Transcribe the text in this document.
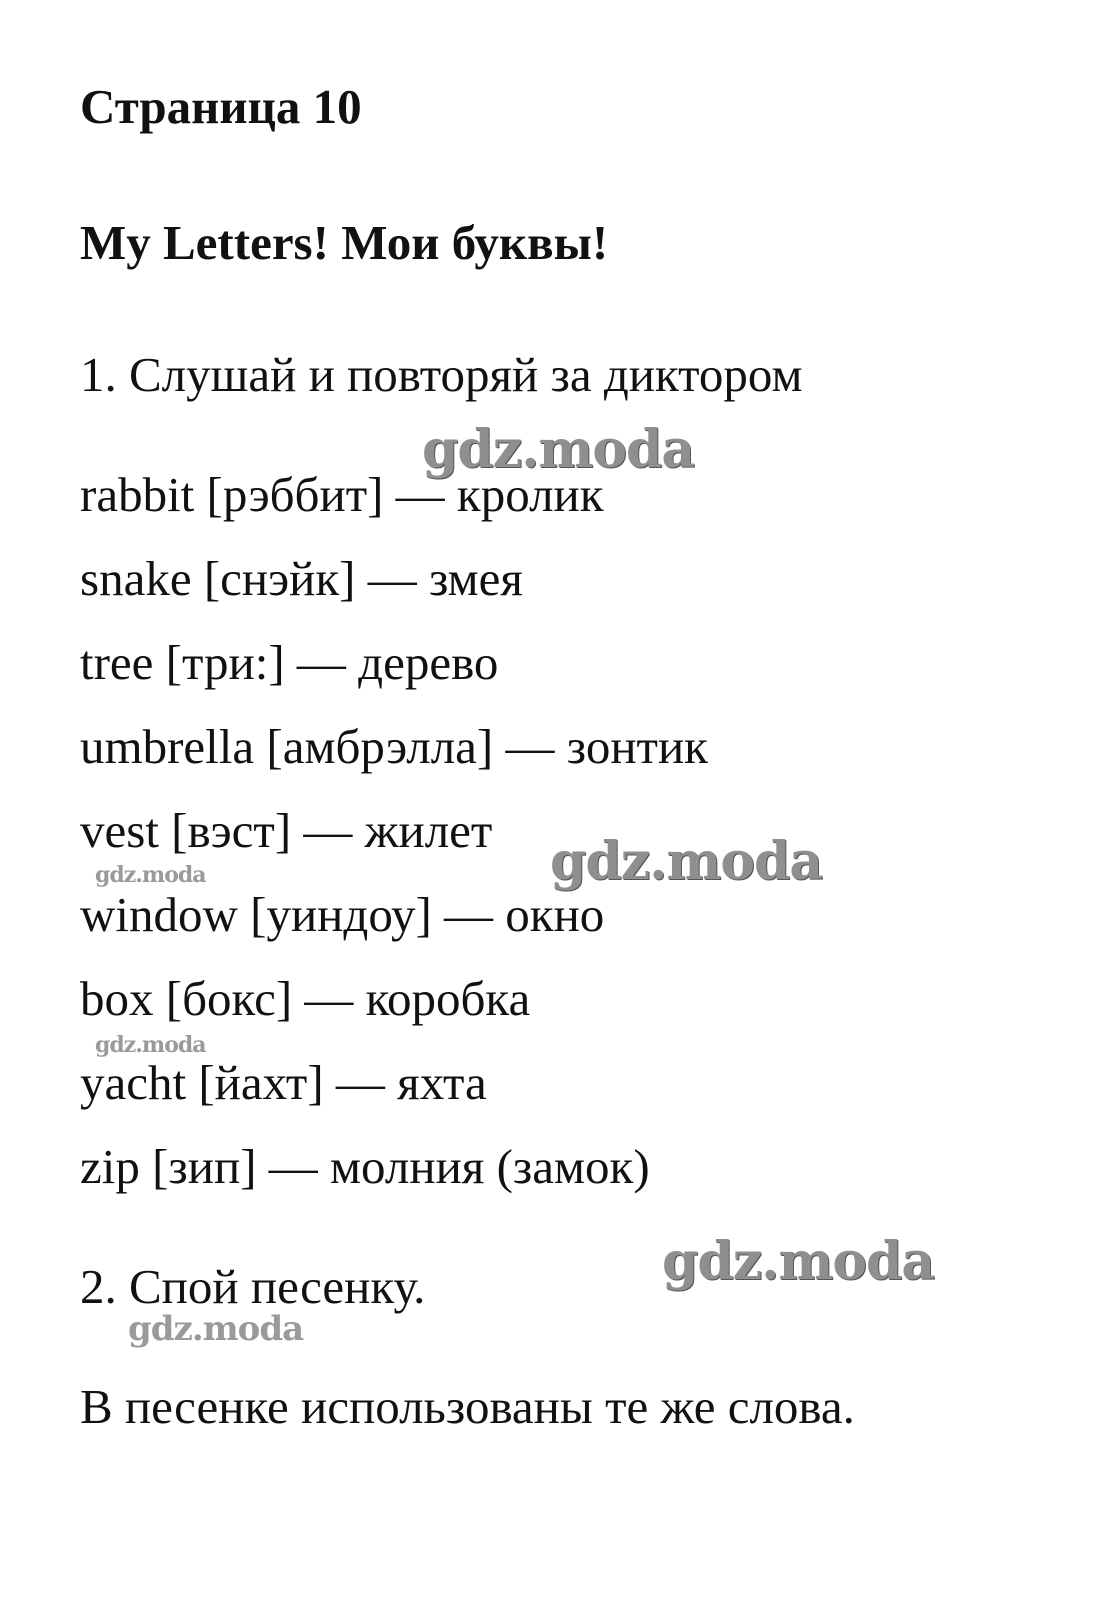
Страница 10
My Letters! Мои буквы!
1. Слушай и повторяй за диктором
rabbit [рэббит] — кролик
snake [снэйк] — змея
tree [три:] — дерево
umbrella [амбрэлла] — зонтик
vest [вэст] — жилет
window [уиндоу] — окно
box [бокс] — коробка
yacht [йахт] — яхта
zip [зип] — молния (замок)
2. Спой песенку.
В песенке использованы те же слова.
gdz.moda
gdz.moda
gdz.moda
gdz.moda
gdz.moda
gdz.moda
